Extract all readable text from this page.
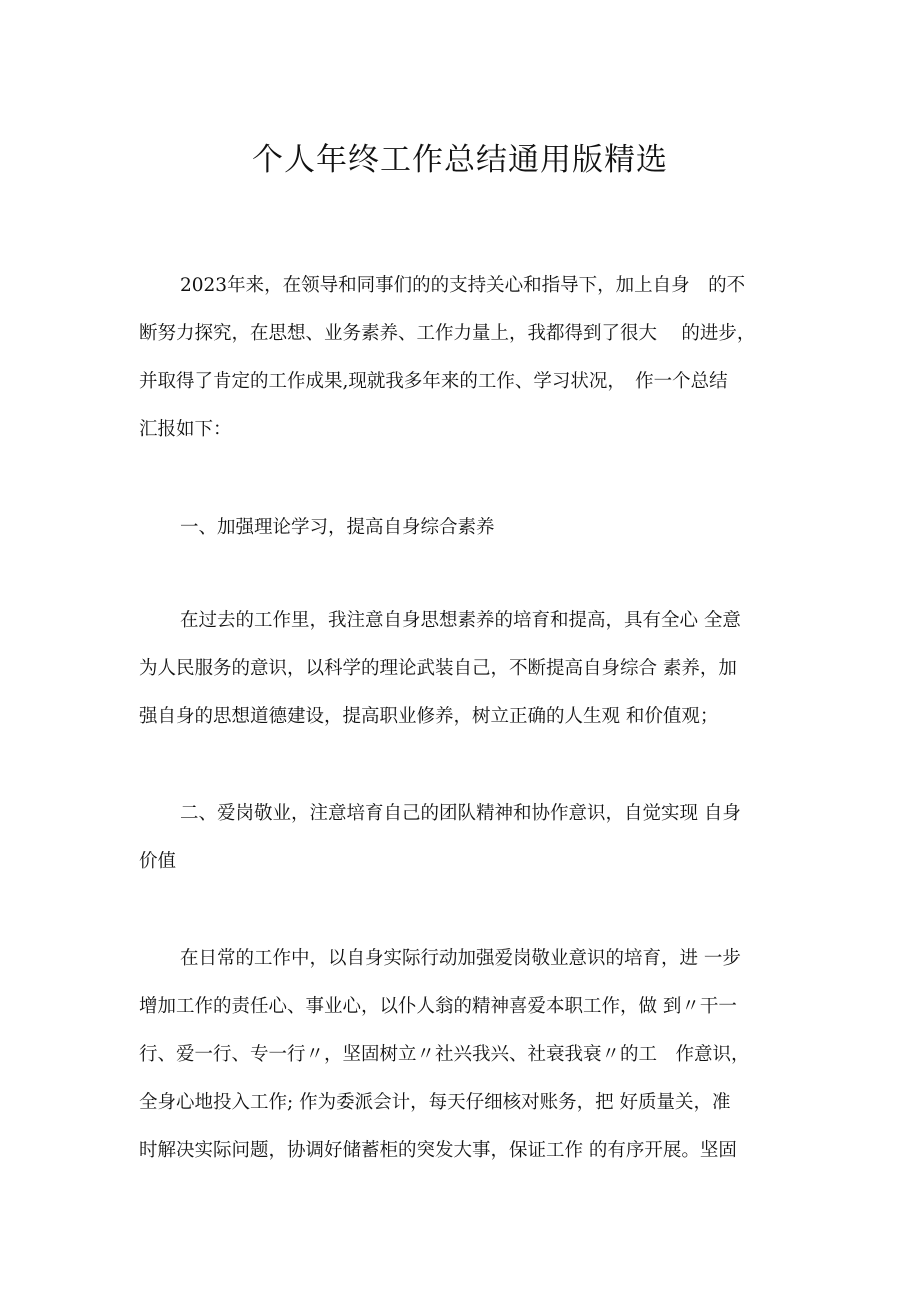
个人年终工作总结通用版精选
2023年来，在领导和同事们的的支持关心和指导下，加上自身　的不
断努力探究，在思想、业务素养、工作力量上，我都得到了很大　 的进步，
并取得了肯定的工作成果,现就我多年来的工作、学习状况，　作一个总结
汇报如下：
一、加强理论学习，提高自身综合素养
在过去的工作里，我注意自身思想素养的培育和提高，具有全心 全意
为人民服务的意识，以科学的理论武装自己，不断提高自身综合 素养，加
强自身的思想道德建设，提高职业修养，树立正确的人生观 和价值观；
二、爱岗敬业，注意培育自己的团队精神和协作意识，自觉实现 自身
价值
在日常的工作中，以自身实际行动加强爱岗敬业意识的培育，进 一步
增加工作的责任心、事业心，以仆人翁的精神喜爱本职工作，做 到〃干一
行、爱一行、专一行〃，坚固树立〃社兴我兴、社衰我衰〃的工　作意识，
全身心地投入工作; 作为委派会计，每天仔细核对账务，把 好质量关，准
时解决实际问题，协调好储蓄柜的突发大事，保证工作 的有序开展。坚固
